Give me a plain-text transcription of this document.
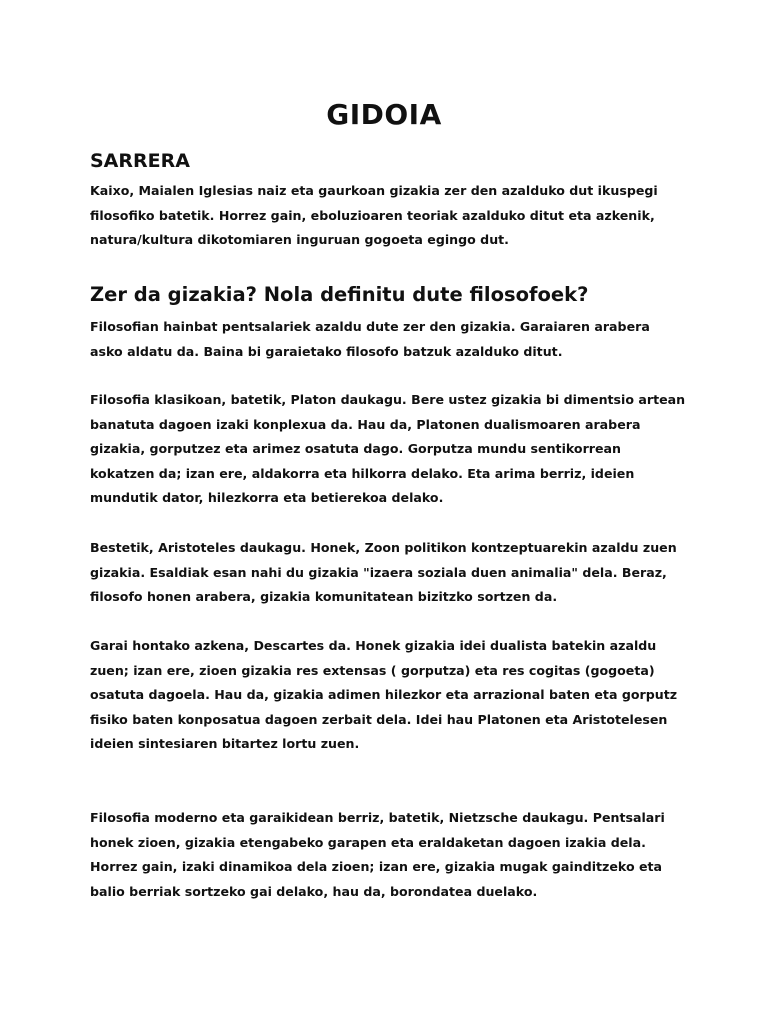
GIDOIA
SARRERA

Kaixo, Maialen Iglesias naiz eta gaurkoan gizakia zer den azalduko dut ikuspegi
filosofiko batetik. Horrez gain, eboluzioaren teoriak azalduko ditut eta azkenik,
natura/kultura dikotomiaren inguruan gogoeta egingo dut.

Zer da gizakia? Nola definitu dute filosofoek?

Filosofian hainbat pentsalariek azaldu dute zer den gizakia. Garaiaren arabera
asko aldatu da. Baina bi garaietako filosofo batzuk azalduko ditut.

Filosofia klasikoan, batetik, Platon daukagu. Bere ustez gizakia bi dimentsio artean
banatuta dagoen izaki konplexua da. Hau da, Platonen dualismoaren arabera
gizakia, gorputzez eta arimez osatuta dago. Gorputza mundu sentikorrean
kokatzen da; izan ere, aldakorra eta hilkorra delako. Eta arima berriz, ideien
mundutik dator, hilezkorra eta betierekoa delako.

Bestetik, Aristoteles daukagu. Honek, Zoon politikon kontzeptuarekin azaldu zuen
gizakia. Esaldiak esan nahi du gizakia "izaera soziala duen animalia" dela. Beraz,
filosofo honen arabera, gizakia komunitatean bizitzko sortzen da.

Garai hontako azkena, Descartes da. Honek gizakia idei dualista batekin azaldu
zuen; izan ere, zioen gizakia res extensas ( gorputza) eta res cogitas (gogoeta)
osatuta dagoela. Hau da, gizakia adimen hilezkor eta arrazional baten eta gorputz
fisiko baten konposatua dagoen zerbait dela. Idei hau Platonen eta Aristotelesen
ideien sintesiaren bitartez lortu zuen.

Filosofia moderno eta garaikidean berriz, batetik, Nietzsche daukagu. Pentsalari
honek zioen, gizakia etengabeko garapen eta eraldaketan dagoen izakia dela.
Horrez gain, izaki dinamikoa dela zioen; izan ere, gizakia mugak gainditzeko eta
balio berriak sortzeko gai delako, hau da, borondatea duelako.
